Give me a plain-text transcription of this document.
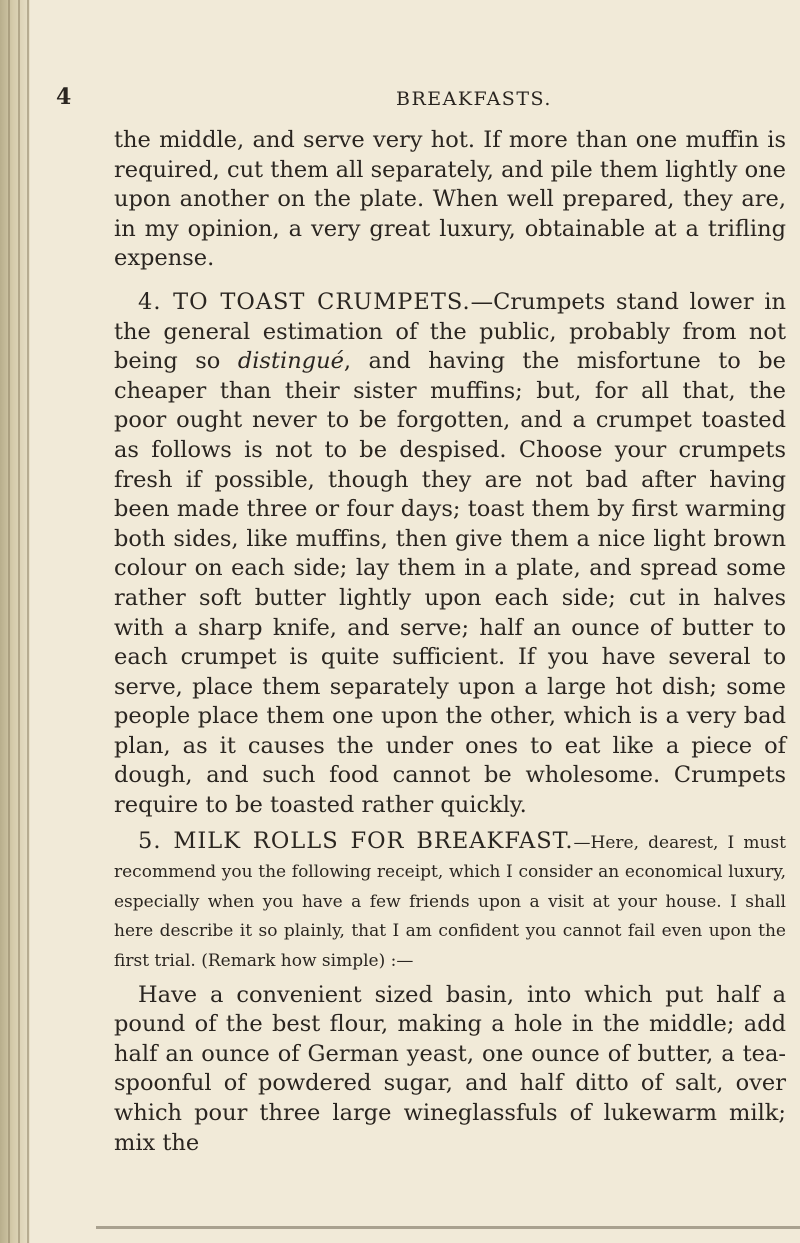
4	BREAKFASTS.

the middle, and serve very hot. If more than one muffin is required, cut them all separately, and pile them lightly one upon another on the plate. When well prepared, they are, in my opinion, a very great luxury, obtainable at a trifling expense.

4. TO TOAST CRUMPETS.—Crumpets stand lower in the general estimation of the public, probably from not being so distingué, and having the misfortune to be cheaper than their sister muffins; but, for all that, the poor ought never to be forgotten, and a crumpet toasted as follows is not to be despised. Choose your crumpets fresh if possible, though they are not bad after having been made three or four days; toast them by first warming both sides, like muffins, then give them a nice light brown colour on each side; lay them in a plate, and spread some rather soft butter lightly upon each side; cut in halves with a sharp knife, and serve; half an ounce of butter to each crumpet is quite sufficient. If you have several to serve, place them separately upon a large hot dish; some people place them one upon the other, which is a very bad plan, as it causes the under ones to eat like a piece of dough, and such food cannot be wholesome. Crumpets require to be toasted rather quickly.

5. MILK ROLLS FOR BREAKFAST.—Here, dearest, I must recommend you the following receipt, which I consider an economical luxury, especially when you have a few friends upon a visit at your house. I shall here describe it so plainly, that I am confident you cannot fail even upon the first trial. (Remark how simple) :—

Have a convenient sized basin, into which put half a pound of the best flour, making a hole in the middle; add half an ounce of German yeast, one ounce of butter, a tea-spoonful of powdered sugar, and half ditto of salt, over which pour three large wineglassfuls of lukewarm milk; mix the
